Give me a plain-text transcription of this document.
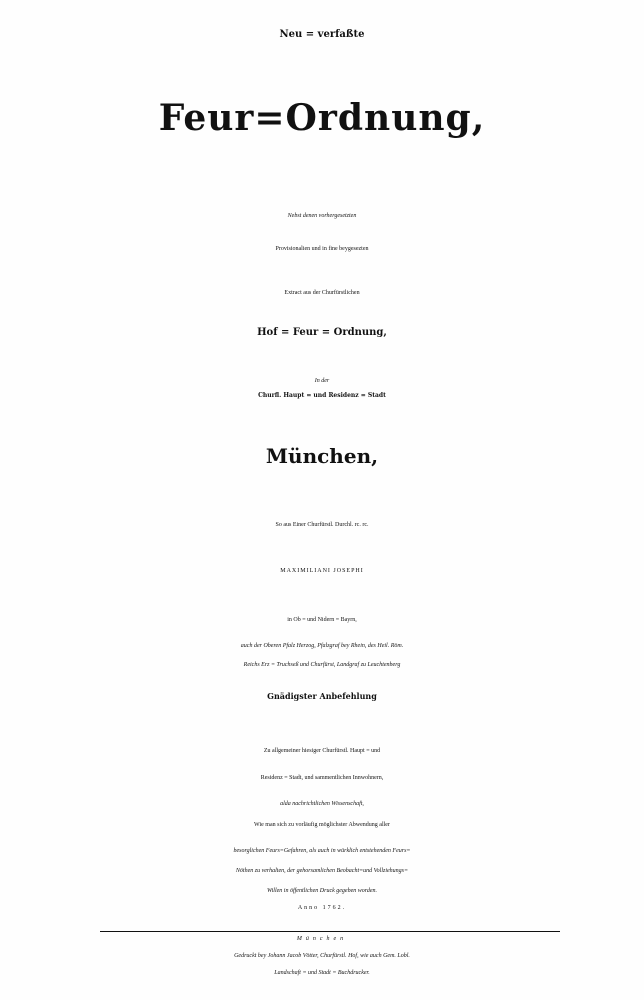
Neu = verfaßte
Feur=Ordnung,
Nebst denen vorhergesetzten
Provisionalien und in fine beygesezten
Extract aus der Churfürstlichen
Hof = Feur = Ordnung,
In der
Churfl. Haupt = und Residenz = Stadt
München,
So aus Einer Churfürstl. Durchl. rc. rc.
MAXIMILIANI JOSEPHI
in Ob = und Nidern = Bayrn,
auch der Oberen Pfalz Herzog, Pfalzgraf bey Rhein, des Heil. Röm.
Reichs Erz = Truchseß und Churfürst, Landgraf zu Leuchtenberg
Gnädigster Anbefehlung
Zu allgemeiner hiesiger Churfürstl. Haupt = und
Residenz = Stadt, und sammentlichen Innwohnern,
alda nachrichtlichen Wissenschaft,
Wie man sich zu vorläufig möglichster Abwendung aller
besorglichen Feurs=Gefahren, als auch in würklich entstehenden Feurs=
Nöthen zu verhalten, der gehorsamlichen Beobacht=und Vollziehungs=
Willen in öffentlichen Druck gegeben worden.
Anno 1762.
München
Gedruckt bey Johann Jacob Vötter, Churfürstl. Hof, wie auch Gem. Lobl.
Landschaft = und Stadt = Buchdrucker.
